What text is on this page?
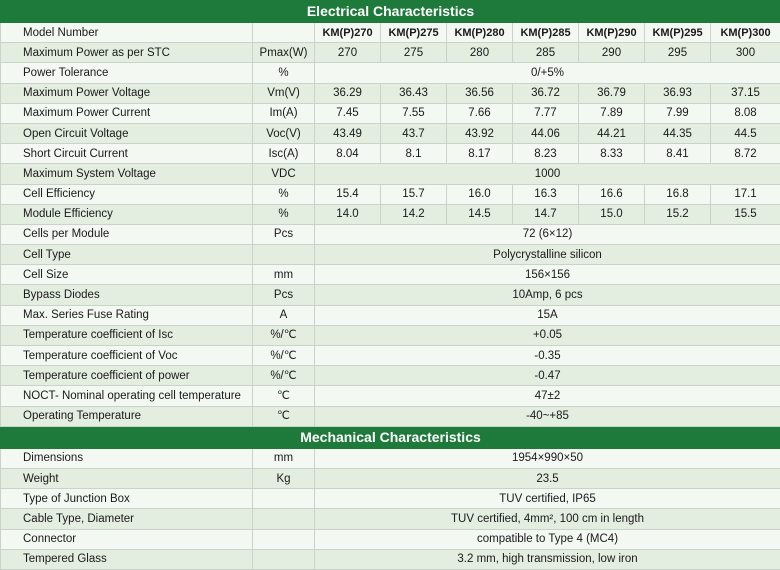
Electrical Characteristics								
Model Number		KM(P)270	KM(P)275	KM(P)280	KM(P)285	KM(P)290	KM(P)295	KM(P)300
Maximum Power as per STC	Pmax(W)	270	275	280	285	290	295	300
Power Tolerance	%	0/+5%						
Maximum Power Voltage	Vm(V)	36.29	36.43	36.56	36.72	36.79	36.93	37.15
Maximum Power Current	Im(A)	7.45	7.55	7.66	7.77	7.89	7.99	8.08
Open Circuit Voltage	Voc(V)	43.49	43.7	43.92	44.06	44.21	44.35	44.5
Short Circuit Current	Isc(A)	8.04	8.1	8.17	8.23	8.33	8.41	8.72
Maximum System Voltage	VDC	1000						
Cell Efficiency	%	15.4	15.7	16.0	16.3	16.6	16.8	17.1
Module Efficiency	%	14.0	14.2	14.5	14.7	15.0	15.2	15.5
Cells per Module	Pcs	72 (6×12)						
Cell Type		Polycrystalline silicon						
Cell Size	mm	156×156						
Bypass Diodes	Pcs	10Amp, 6 pcs						
Max. Series Fuse Rating	A	15A						
Temperature coefficient of Isc	%/℃	+0.05						
Temperature coefficient of Voc	%/℃	-0.35						
Temperature coefficient of power	%/℃	-0.47						
NOCT- Nominal operating cell temperature	℃	47±2						
Operating Temperature	℃	-40~+85						
Mechanical Characteristics								
Dimensions	mm	1954×990×50						
Weight	Kg	23.5						
Type of Junction Box		TUV certified, IP65						
Cable Type, Diameter		TUV certified, 4mm², 100 cm in length						
Connector		compatible to Type 4 (MC4)						
Tempered Glass		3.2 mm, high transmission, low iron						
